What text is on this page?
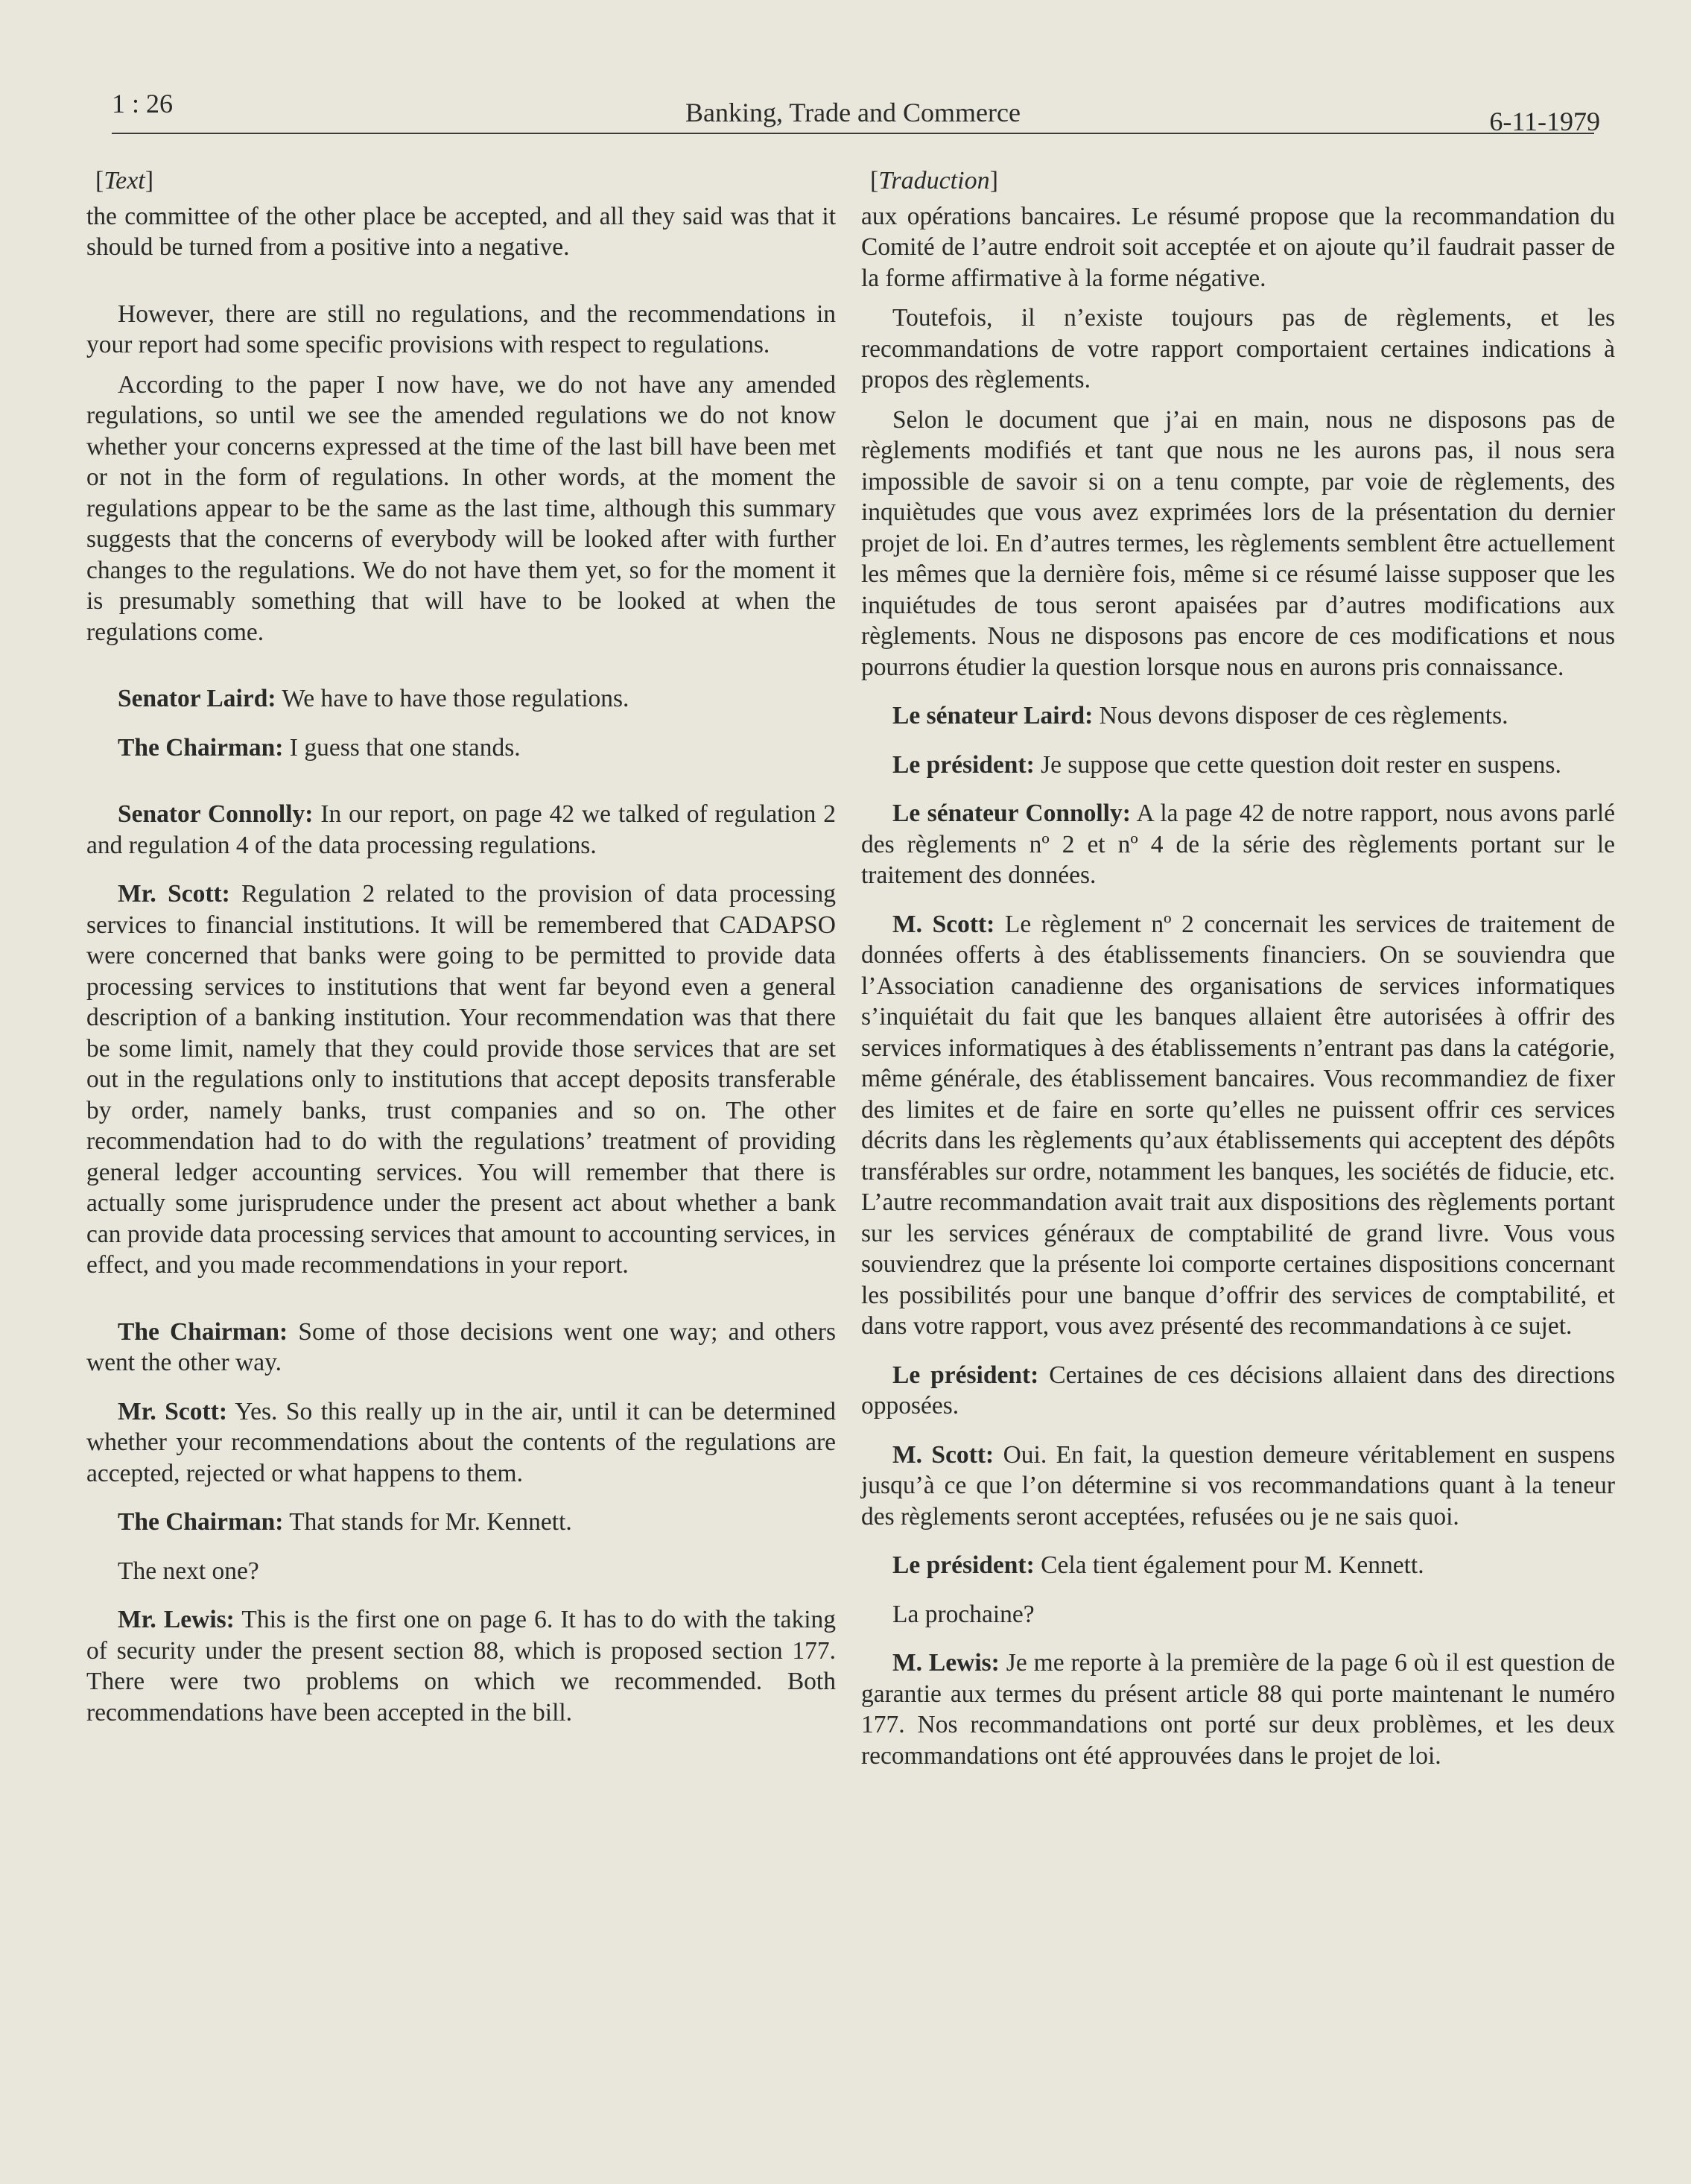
1 : 26	Banking, Trade and Commerce	6-11-1979
[Text]

the committee of the other place be accepted, and all they said was that it should be turned from a positive into a negative.

However, there are still no regulations, and the recommendations in your report had some specific provisions with respect to regulations.

According to the paper I now have, we do not have any amended regulations, so until we see the amended regulations we do not know whether your concerns expressed at the time of the last bill have been met or not in the form of regulations. In other words, at the moment the regulations appear to be the same as the last time, although this summary suggests that the concerns of everybody will be looked after with further changes to the regulations. We do not have them yet, so for the moment it is presumably something that will have to be looked at when the regulations come.

Senator Laird: We have to have those regulations.

The Chairman: I guess that one stands.

Senator Connolly: In our report, on page 42 we talked of regulation 2 and regulation 4 of the data processing regulations.

Mr. Scott: Regulation 2 related to the provision of data processing services to financial institutions. It will be remembered that CADAPSO were concerned that banks were going to be permitted to provide data processing services to institutions that went far beyond even a general description of a banking institution. Your recommendation was that there be some limit, namely that they could provide those services that are set out in the regulations only to institutions that accept deposits transferable by order, namely banks, trust companies and so on. The other recommendation had to do with the regulations’ treatment of providing general ledger accounting services. You will remember that there is actually some jurisprudence under the present act about whether a bank can provide data processing services that amount to accounting services, in effect, and you made recommendations in your report.

The Chairman: Some of those decisions went one way; and others went the other way.

Mr. Scott: Yes. So this really up in the air, until it can be determined whether your recommendations about the contents of the regulations are accepted, rejected or what happens to them.

The Chairman: That stands for Mr. Kennett.

The next one?

Mr. Lewis: This is the first one on page 6. It has to do with the taking of security under the present section 88, which is proposed section 177. There were two problems on which we recommended. Both recommendations have been accepted in the bill.

[Traduction]

aux opérations bancaires. Le résumé propose que la recommandation du Comité de l’autre endroit soit acceptée et on ajoute qu’il faudrait passer de la forme affirmative à la forme négative.

Toutefois, il n’existe toujours pas de règlements, et les recommandations de votre rapport comportaient certaines indications à propos des règlements.

Selon le document que j’ai en main, nous ne disposons pas de règlements modifiés et tant que nous ne les aurons pas, il nous sera impossible de savoir si on a tenu compte, par voie de règlements, des inquiètudes que vous avez exprimées lors de la présentation du dernier projet de loi. En d’autres termes, les règlements semblent être actuellement les mêmes que la dernière fois, même si ce résumé laisse supposer que les inquiétudes de tous seront apaisées par d’autres modifications aux règlements. Nous ne disposons pas encore de ces modifications et nous pourrons étudier la question lorsque nous en aurons pris connaissance.

Le sénateur Laird: Nous devons disposer de ces règlements.

Le président: Je suppose que cette question doit rester en suspens.

Le sénateur Connolly: A la page 42 de notre rapport, nous avons parlé des règlements nº 2 et nº 4 de la série des règlements portant sur le traitement des données.

M. Scott: Le règlement nº 2 concernait les services de traitement de données offerts à des établissements financiers. On se souviendra que l’Association canadienne des organisations de services informatiques s’inquiétait du fait que les banques allaient être autorisées à offrir des services informatiques à des établissements n’entrant pas dans la catégorie, même générale, des établissement bancaires. Vous recommandiez de fixer des limites et de faire en sorte qu’elles ne puissent offrir ces services décrits dans les règlements qu’aux établissements qui acceptent des dépôts transférables sur ordre, notamment les banques, les sociétés de fiducie, etc. L’autre recommandation avait trait aux dispositions des règlements portant sur les services généraux de comptabilité de grand livre. Vous vous souviendrez que la présente loi comporte certaines dispositions concernant les possibilités pour une banque d’offrir des services de comptabilité, et dans votre rapport, vous avez présenté des recommandations à ce sujet.

Le président: Certaines de ces décisions allaient dans des directions opposées.

M. Scott: Oui. En fait, la question demeure véritablement en suspens jusqu’à ce que l’on détermine si vos recommandations quant à la teneur des règlements seront acceptées, refusées ou je ne sais quoi.

Le président: Cela tient également pour M. Kennett.

La prochaine?

M. Lewis: Je me reporte à la première de la page 6 où il est question de garantie aux termes du présent article 88 qui porte maintenant le numéro 177. Nos recommandations ont porté sur deux problèmes, et les deux recommandations ont été approuvées dans le projet de loi.
